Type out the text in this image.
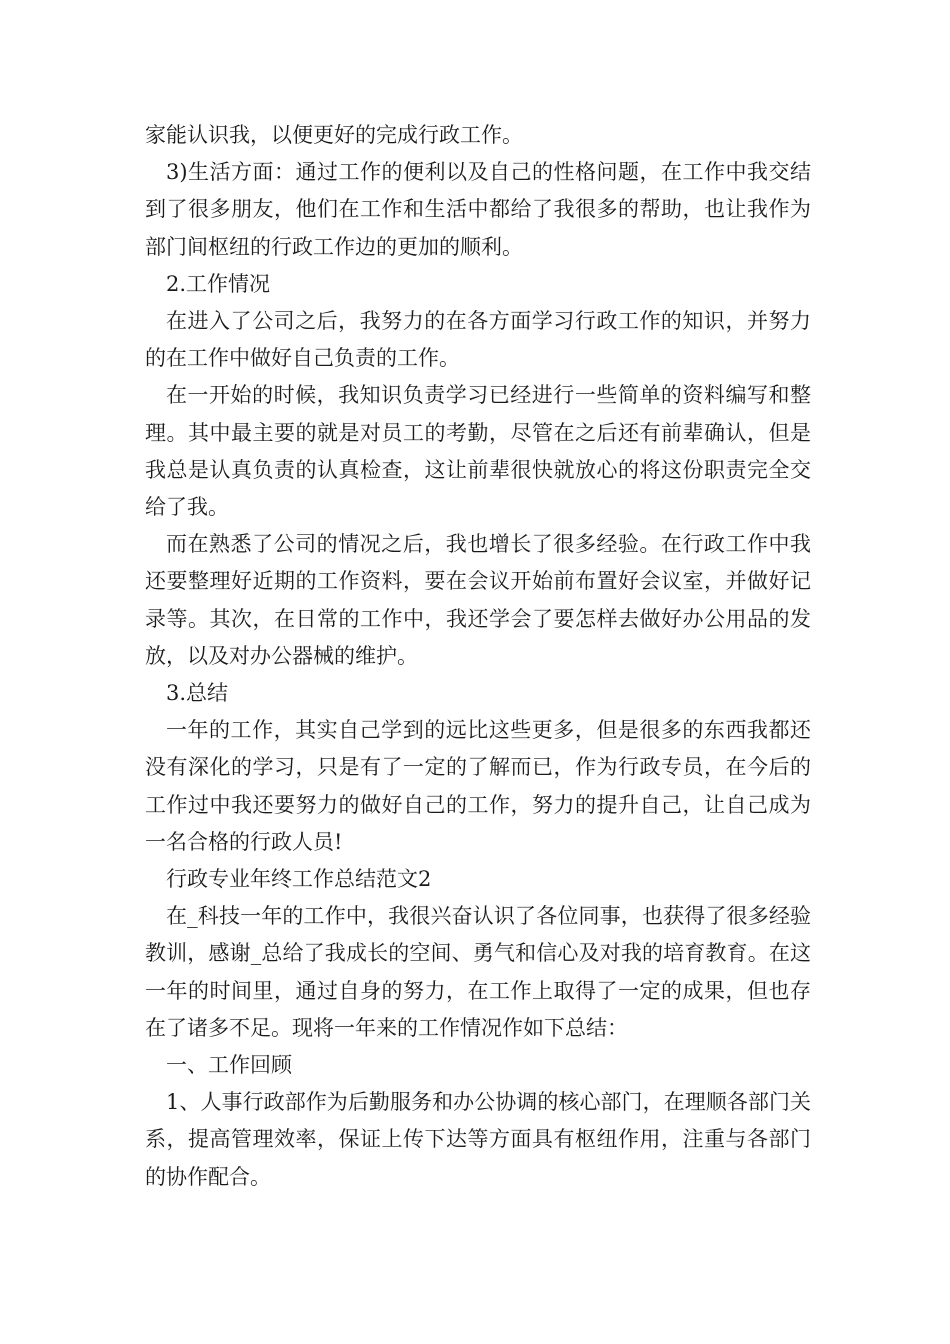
家能认识我，以便更好的完成行政工作。

3)生活方面：通过工作的便利以及自己的性格问题，在工作中我交结到了很多朋友，他们在工作和生活中都给了我很多的帮助，也让我作为部门间枢纽的行政工作边的更加的顺利。

2.工作情况

在进入了公司之后，我努力的在各方面学习行政工作的知识，并努力的在工作中做好自己负责的工作。

在一开始的时候，我知识负责学习已经进行一些简单的资料编写和整理。其中最主要的就是对员工的考勤，尽管在之后还有前辈确认，但是我总是认真负责的认真检查，这让前辈很快就放心的将这份职责完全交给了我。

而在熟悉了公司的情况之后，我也增长了很多经验。在行政工作中我还要整理好近期的工作资料，要在会议开始前布置好会议室，并做好记录等。其次，在日常的工作中，我还学会了要怎样去做好办公用品的发放，以及对办公器械的维护。

3.总结

一年的工作，其实自己学到的远比这些更多，但是很多的东西我都还没有深化的学习，只是有了一定的了解而已，作为行政专员，在今后的工作过中我还要努力的做好自己的工作，努力的提升自己，让自己成为一名合格的行政人员!

行政专业年终工作总结范文2

在_科技一年的工作中，我很兴奋认识了各位同事，也获得了很多经验教训，感谢_总给了我成长的空间、勇气和信心及对我的培育教育。在这一年的时间里，通过自身的努力，在工作上取得了一定的成果，但也存在了诸多不足。现将一年来的工作情况作如下总结：

一、工作回顾

1、人事行政部作为后勤服务和办公协调的核心部门，在理顺各部门关系，提高管理效率，保证上传下达等方面具有枢纽作用，注重与各部门的协作配合。
